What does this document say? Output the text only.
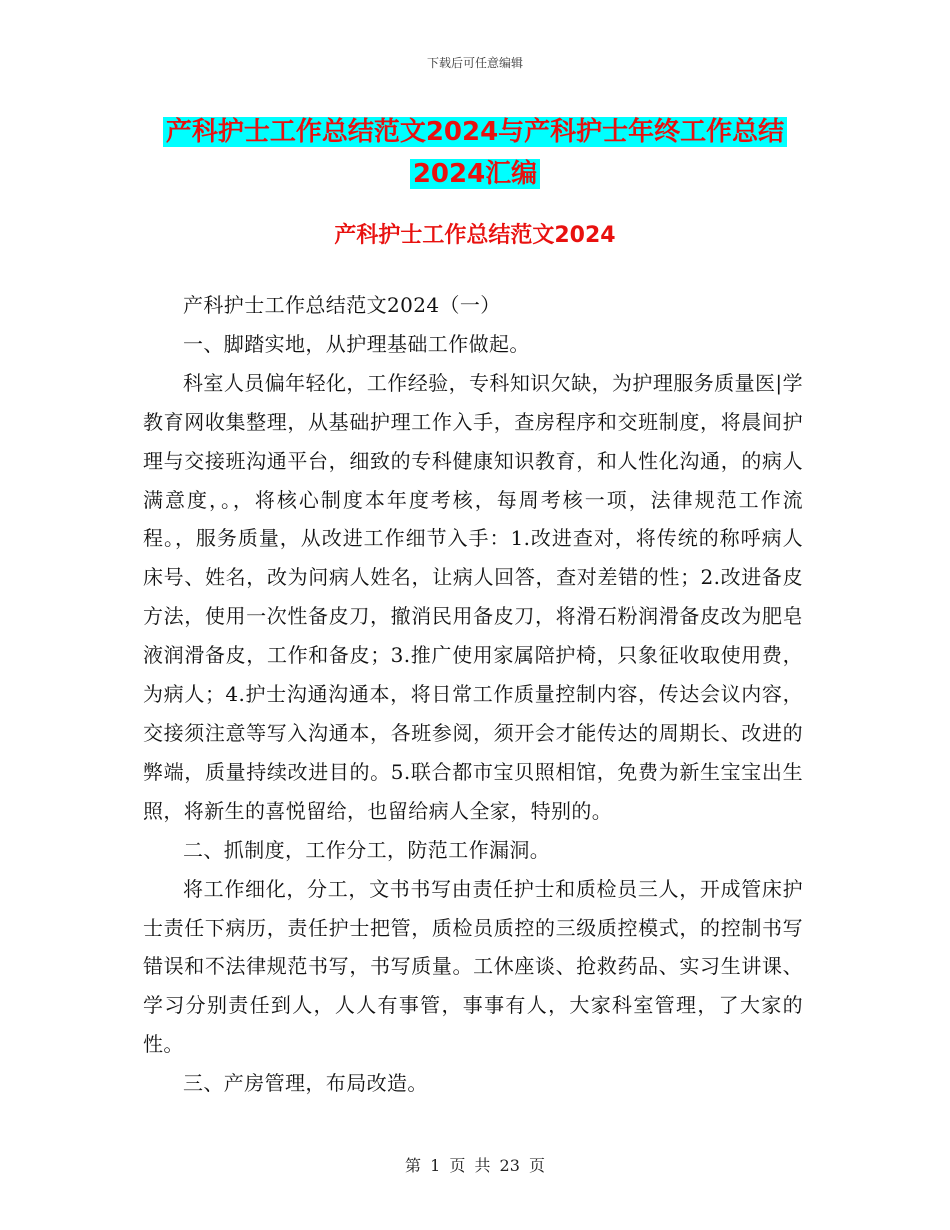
下载后可任意编辑
产科护士工作总结范文2024与产科护士年终工作总结
2024汇编
产科护士工作总结范文2024

产科护士工作总结范文2024（一）

一、脚踏实地，从护理基础工作做起。

科室人员偏年轻化，工作经验，专科知识欠缺，为护理服务质量医|学教育网收集整理，从基础护理工作入手，查房程序和交班制度，将晨间护理与交接班沟通平台，细致的专科健康知识教育，和人性化沟通，的病人满意度，。，将核心制度本年度考核，每周考核一项，法律规范工作流程。，服务质量，从改进工作细节入手：1.改进查对，将传统的称呼病人床号、姓名，改为问病人姓名，让病人回答，查对差错的性；2.改进备皮方法，使用一次性备皮刀，撤消民用备皮刀，将滑石粉润滑备皮改为肥皂液润滑备皮，工作和备皮；3.推广使用家属陪护椅，只象征收取使用费，为病人；4.护士沟通沟通本，将日常工作质量控制内容，传达会议内容，交接须注意等写入沟通本，各班参阅，须开会才能传达的周期长、改进的弊端，质量持续改进目的。5.联合都市宝贝照相馆，免费为新生宝宝出生照，将新生的喜悦留给，也留给病人全家，特别的。

二、抓制度，工作分工，防范工作漏洞。

将工作细化，分工，文书书写由责任护士和质检员三人，开成管床护士责任下病历，责任护士把管，质检员质控的三级质控模式，的控制书写错误和不法律规范书写，书写质量。工休座谈、抢救药品、实习生讲课、学习分别责任到人，人人有事管，事事有人，大家科室管理，了大家的性。

三、产房管理，布局改造。

第 1 页 共 23 页
